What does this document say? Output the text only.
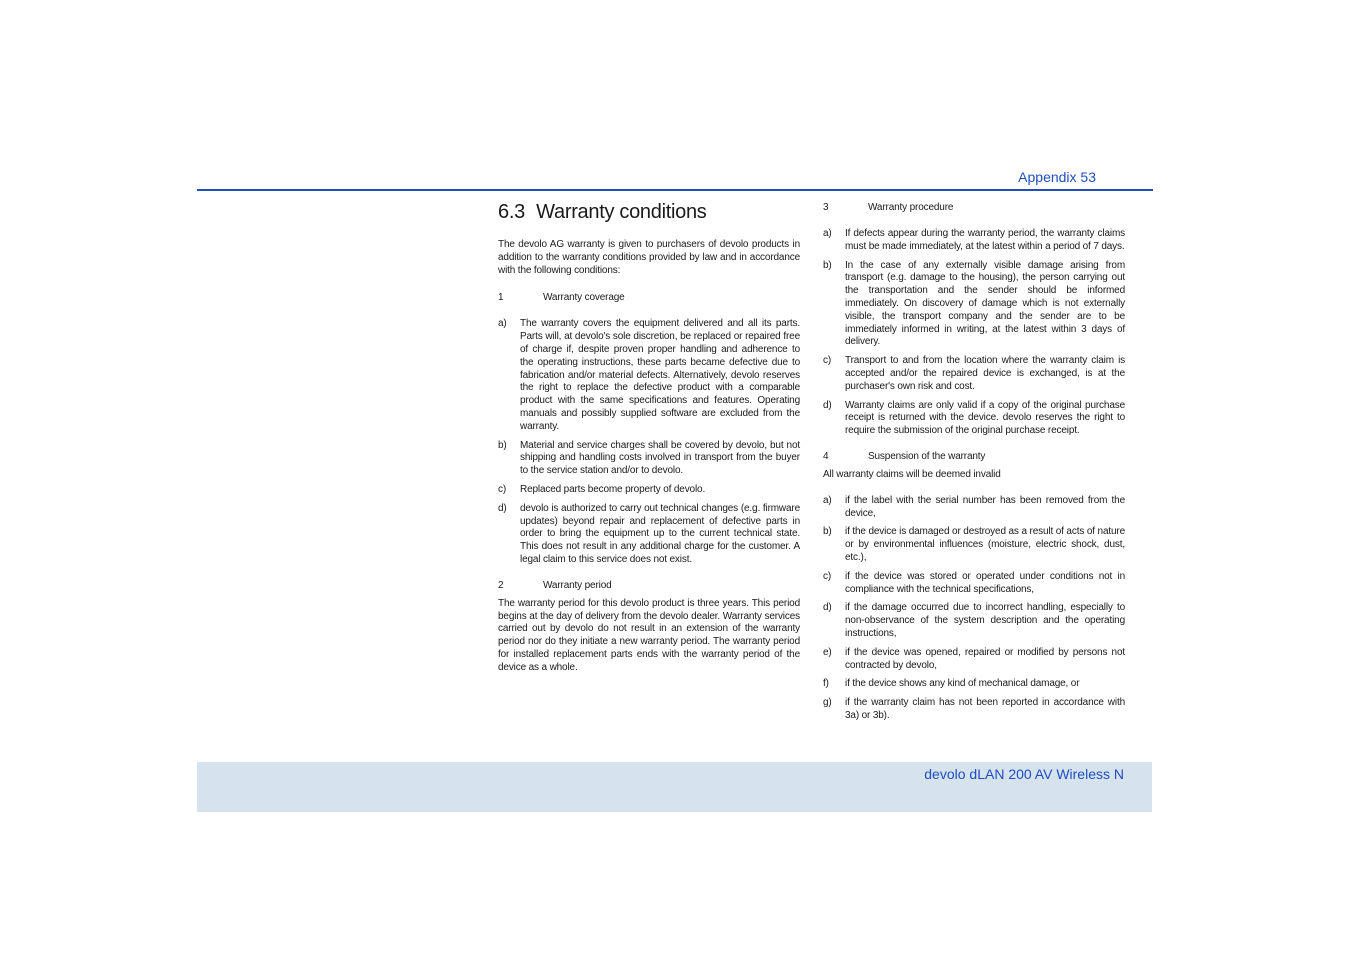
Appendix 53
6.3 Warranty conditions

The devolo AG warranty is given to purchasers of devolo products in addition to the warranty conditions provided by law and in accordance with the following conditions:

1	Warranty coverage
a)	The warranty covers the equipment delivered and all its parts. Parts will, at devolo's sole discretion, be replaced or repaired free of charge if, despite proven proper handling and adherence to the operating instructions, these parts became defective due to fabrication and/or material defects. Alternatively, devolo reserves the right to replace the defective product with a comparable product with the same specifications and features. Operating manuals and possibly supplied software are excluded from the warranty.
b)	Material and service charges shall be covered by devolo, but not shipping and handling costs involved in transport from the buyer to the service station and/or to devolo.
c)	Replaced parts become property of devolo.
d)	devolo is authorized to carry out technical changes (e.g. firmware updates) beyond repair and replacement of defective parts in order to bring the equipment up to the current technical state. This does not result in any additional charge for the customer. A legal claim to this service does not exist.
2	Warranty period

The warranty period for this devolo product is three years. This period begins at the day of delivery from the devolo dealer. Warranty services carried out by devolo do not result in an extension of the warranty period nor do they initiate a new warranty period. The warranty period for installed replacement parts ends with the warranty period of the device as a whole.

3	Warranty procedure
a)	If defects appear during the warranty period, the warranty claims must be made immediately, at the latest within a period of 7 days.
b)	In the case of any externally visible damage arising from transport (e.g. damage to the housing), the person carrying out the transportation and the sender should be informed immediately. On discovery of damage which is not externally visible, the transport company and the sender are to be immediately informed in writing, at the latest within 3 days of delivery.
c)	Transport to and from the location where the warranty claim is accepted and/or the repaired device is exchanged, is at the purchaser's own risk and cost.
d)	Warranty claims are only valid if a copy of the original purchase receipt is returned with the device. devolo reserves the right to require the submission of the original purchase receipt.
4	Suspension of the warranty

All warranty claims will be deemed invalid

a)	if the label with the serial number has been removed from the device,
b)	if the device is damaged or destroyed as a result of acts of nature or by environmental influences (moisture, electric shock, dust, etc.),
c)	if the device was stored or operated under conditions not in compliance with the technical specifications,
d)	if the damage occurred due to incorrect handling, especially to non-observance of the system description and the operating instructions,
e)	if the device was opened, repaired or modified by persons not contracted by devolo,
f)	if the device shows any kind of mechanical damage, or
g)	if the warranty claim has not been reported in accordance with 3a) or 3b).
devolo dLAN 200 AV Wireless N
